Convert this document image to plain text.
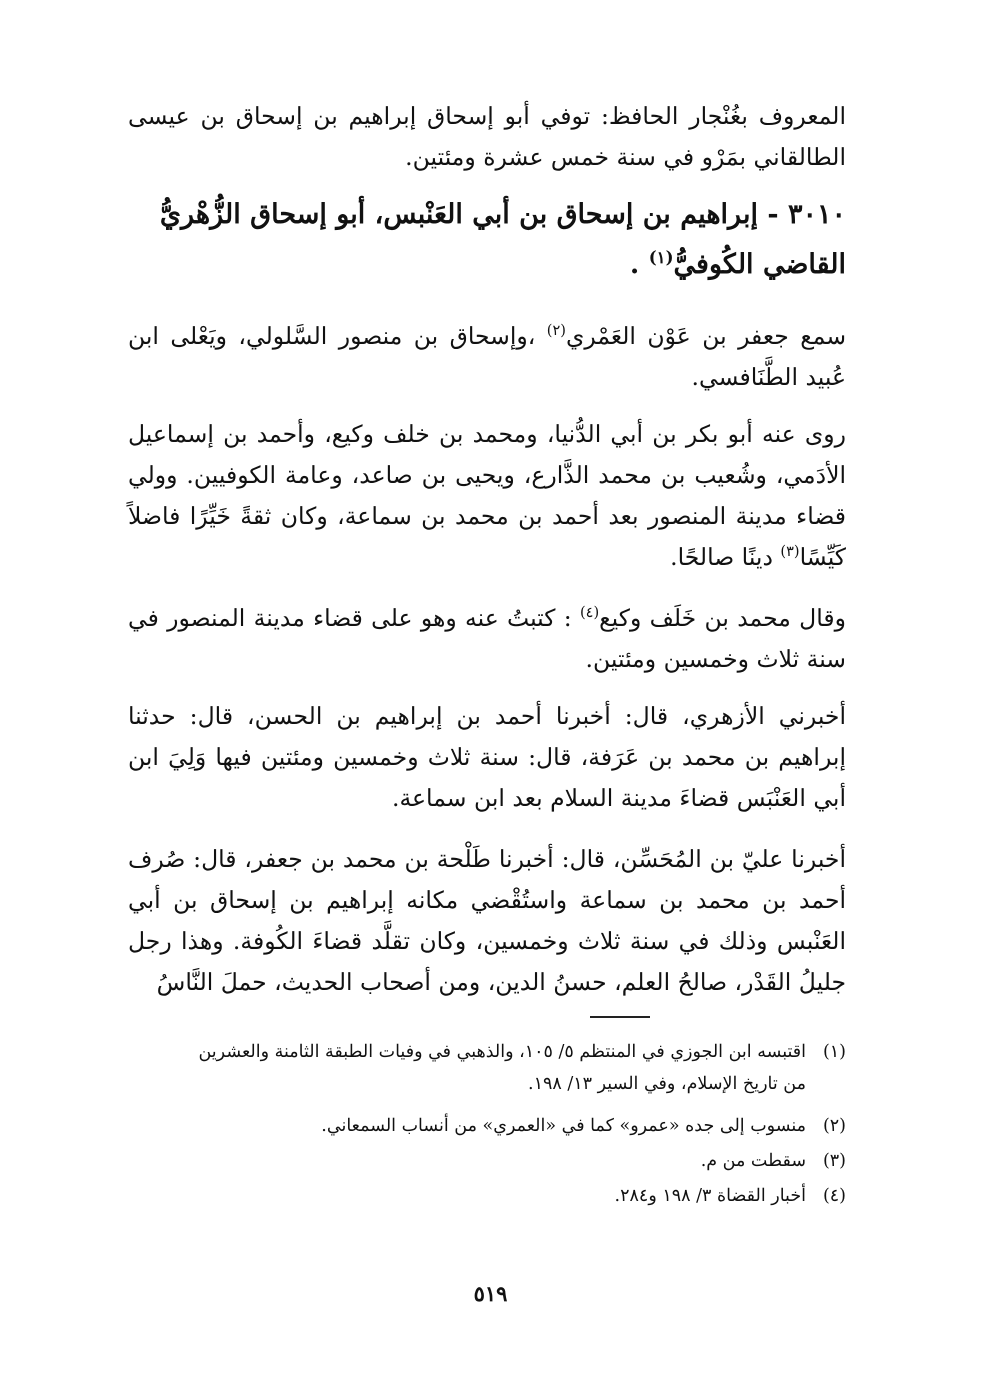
المعروف بغُنْجار الحافظ: توفي أبو إسحاق إبراهيم بن إسحاق بن عيسى الطالقاني بمَرْو في سنة خمس عشرة ومئتين.
٣٠١٠ - إبراهيم بن إسحاق بن أبي العَنْبس، أبو إسحاق الزُّهْريُّ
القاضي الكُوفيُّ$^{(١)}$ .
سمع جعفر بن عَوْن العَمْري$^{(٢)}$ ،وإسحاق بن منصور السَّلولي، ويَعْلى ابن عُبيد الطَّنَافسي.
روى عنه أبو بكر بن أبي الدُّنيا، ومحمد بن خلف وكيع، وأحمد بن إسماعيل الأدَمي، وشُعيب بن محمد الذَّارع، ويحيى بن صاعد، وعامة الكوفيين. وولي قضاء مدينة المنصور بعد أحمد بن محمد بن سماعة، وكان ثقةً خَيِّرًا فاضلاً كَيِّسًا$^{(٣)}$ دينًا صالحًا.
وقال محمد بن خَلَف وكيع$^{(٤)}$ : كتبتُ عنه وهو على قضاء مدينة المنصور في سنة ثلاث وخمسين ومئتين.
أخبرني الأزهري، قال: أخبرنا أحمد بن إبراهيم بن الحسن، قال: حدثنا إبراهيم بن محمد بن عَرَفة، قال: سنة ثلاث وخمسين ومئتين فيها وَلِيَ ابن أبي العَنْبَس قضاءَ مدينة السلام بعد ابن سماعة.
أخبرنا عليّ بن المُحَسِّن، قال: أخبرنا طَلْحة بن محمد بن جعفر، قال: صُرف أحمد بن محمد بن سماعة واستُقْضي مكانه إبراهيم بن إسحاق بن أبي العَنْبس وذلك في سنة ثلاث وخمسين، وكان تقلَّد قضاءَ الكُوفة. وهذا رجل جليلُ القَدْر، صالحُ العلم، حسنُ الدين، ومن أصحاب الحديث، حملَ النَّاسُ
(١)اقتبسه ابن الجوزي في المنتظم ٥/ ١٠٥، والذهبي في وفيات الطبقة الثامنة والعشرين
من تاريخ الإسلام، وفي السير ١٣/ ١٩٨.
(٢)منسوب إلى جده «عمرو» كما في «العمري» من أنساب السمعاني.
(٣)سقطت من م.
(٤)أخبار القضاة ٣/ ١٩٨ و٢٨٤.
٥١٩
